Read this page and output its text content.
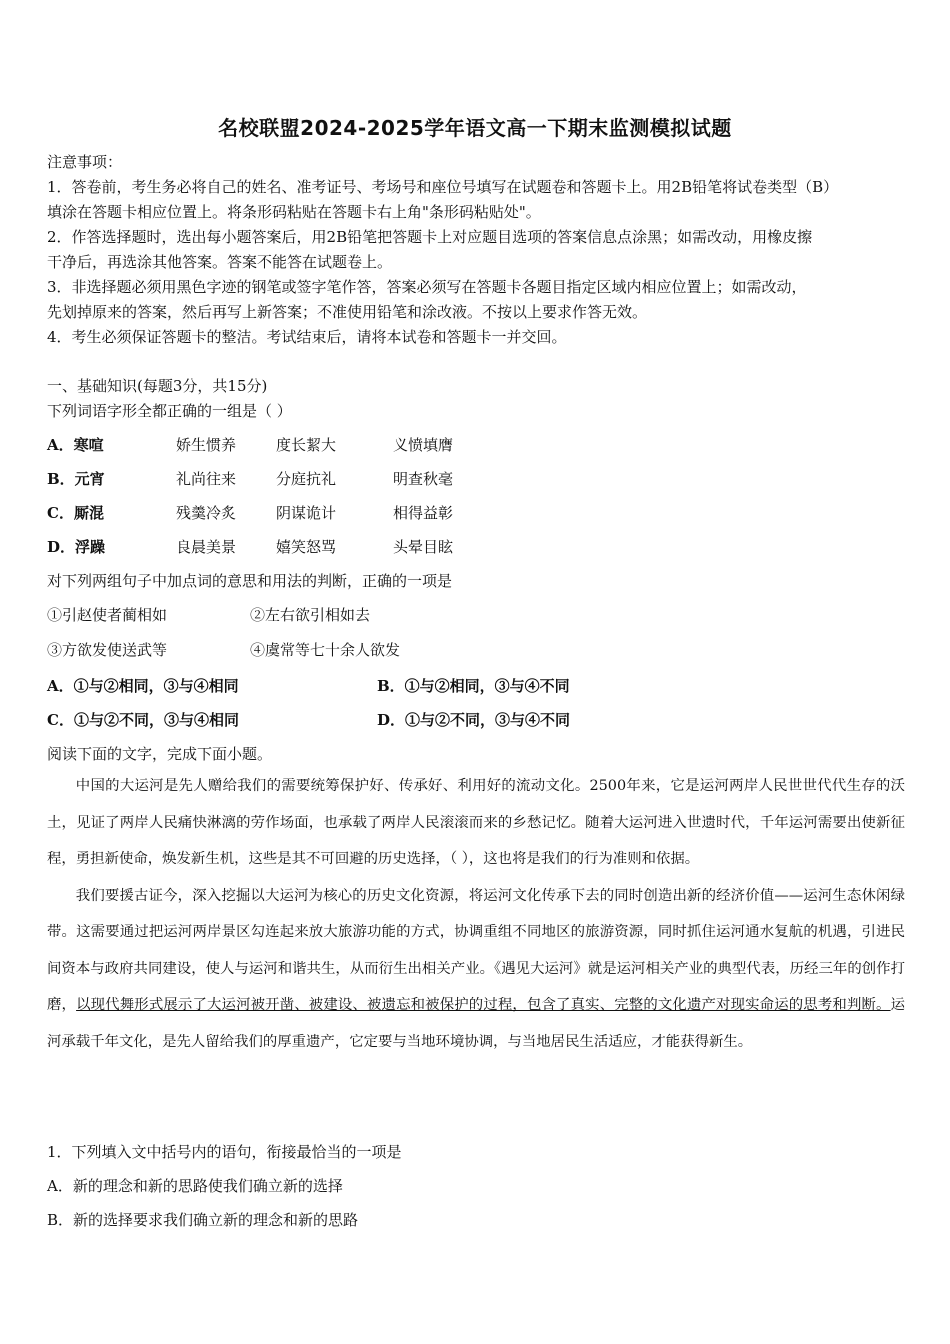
名校联盟2024-2025学年语文高一下期末监测模拟试题
注意事项：
1．答卷前，考生务必将自己的姓名、准考证号、考场号和座位号填写在试题卷和答题卡上。用2B铅笔将试卷类型（B）
填涂在答题卡相应位置上。将条形码粘贴在答题卡右上角"条形码粘贴处"。
2．作答选择题时，选出每小题答案后，用2B铅笔把答题卡上对应题目选项的答案信息点涂黑；如需改动，用橡皮擦
干净后，再选涂其他答案。答案不能答在试题卷上。
3．非选择题必须用黑色字迹的钢笔或签字笔作答，答案必须写在答题卡各题目指定区域内相应位置上；如需改动，
先划掉原来的答案，然后再写上新答案；不准使用铅笔和涂改液。不按以上要求作答无效。
4．考生必须保证答题卡的整洁。考试结束后，请将本试卷和答题卡一并交回。
一、基础知识(每题3分，共15分)
下列词语字形全都正确的一组是（ ）
A．寒喧	娇生惯养	度长絜大	义愤填膺
B．元宵	礼尚往来	分庭抗礼	明查秋毫
C．厮混	残羹冷炙	阴谋诡计	相得益彰
D．浮躁	良晨美景	嬉笑怒骂	头晕目眩
对下列两组句子中加点词的意思和用法的判断，正确的一项是
①引赵使者蔺相如	②左右欲引相如去
③方欲发使送武等	④虞常等七十余人欲发
A．①与②相同，③与④相同	B．①与②相同，③与④不同
C．①与②不同，③与④相同	D．①与②不同，③与④不同
阅读下面的文字，完成下面小题。

中国的大运河是先人赠给我们的需要统筹保护好、传承好、利用好的流动文化。2500年来，它是运河两岸人民世世代代生存的沃土，见证了两岸人民痛快淋漓的劳作场面，也承载了两岸人民滚滚而来的乡愁记忆。随着大运河进入世遗时代，千年运河需要出使新征程，勇担新使命，焕发新生机，这些是其不可回避的历史选择，（ ），这也将是我们的行为准则和依据。

我们要援古证今，深入挖掘以大运河为核心的历史文化资源，将运河文化传承下去的同时创造出新的经济价值——运河生态休闲绿带。这需要通过把运河两岸景区勾连起来放大旅游功能的方式，协调重组不同地区的旅游资源，同时抓住运河通水复航的机遇，引进民间资本与政府共同建设，使人与运河和谐共生，从而衍生出相关产业。《遇见大运河》就是运河相关产业的典型代表，历经三年的创作打磨，以现代舞形式展示了大运河被开凿、被建设、被遗忘和被保护的过程，包含了真实、完整的文化遗产对现实命运的思考和判断。运河承载千年文化，是先人留给我们的厚重遗产，它定要与当地环境协调，与当地居民生活适应，才能获得新生。

1．下列填入文中括号内的语句，衔接最恰当的一项是
A．新的理念和新的思路使我们确立新的选择
B．新的选择要求我们确立新的理念和新的思路
